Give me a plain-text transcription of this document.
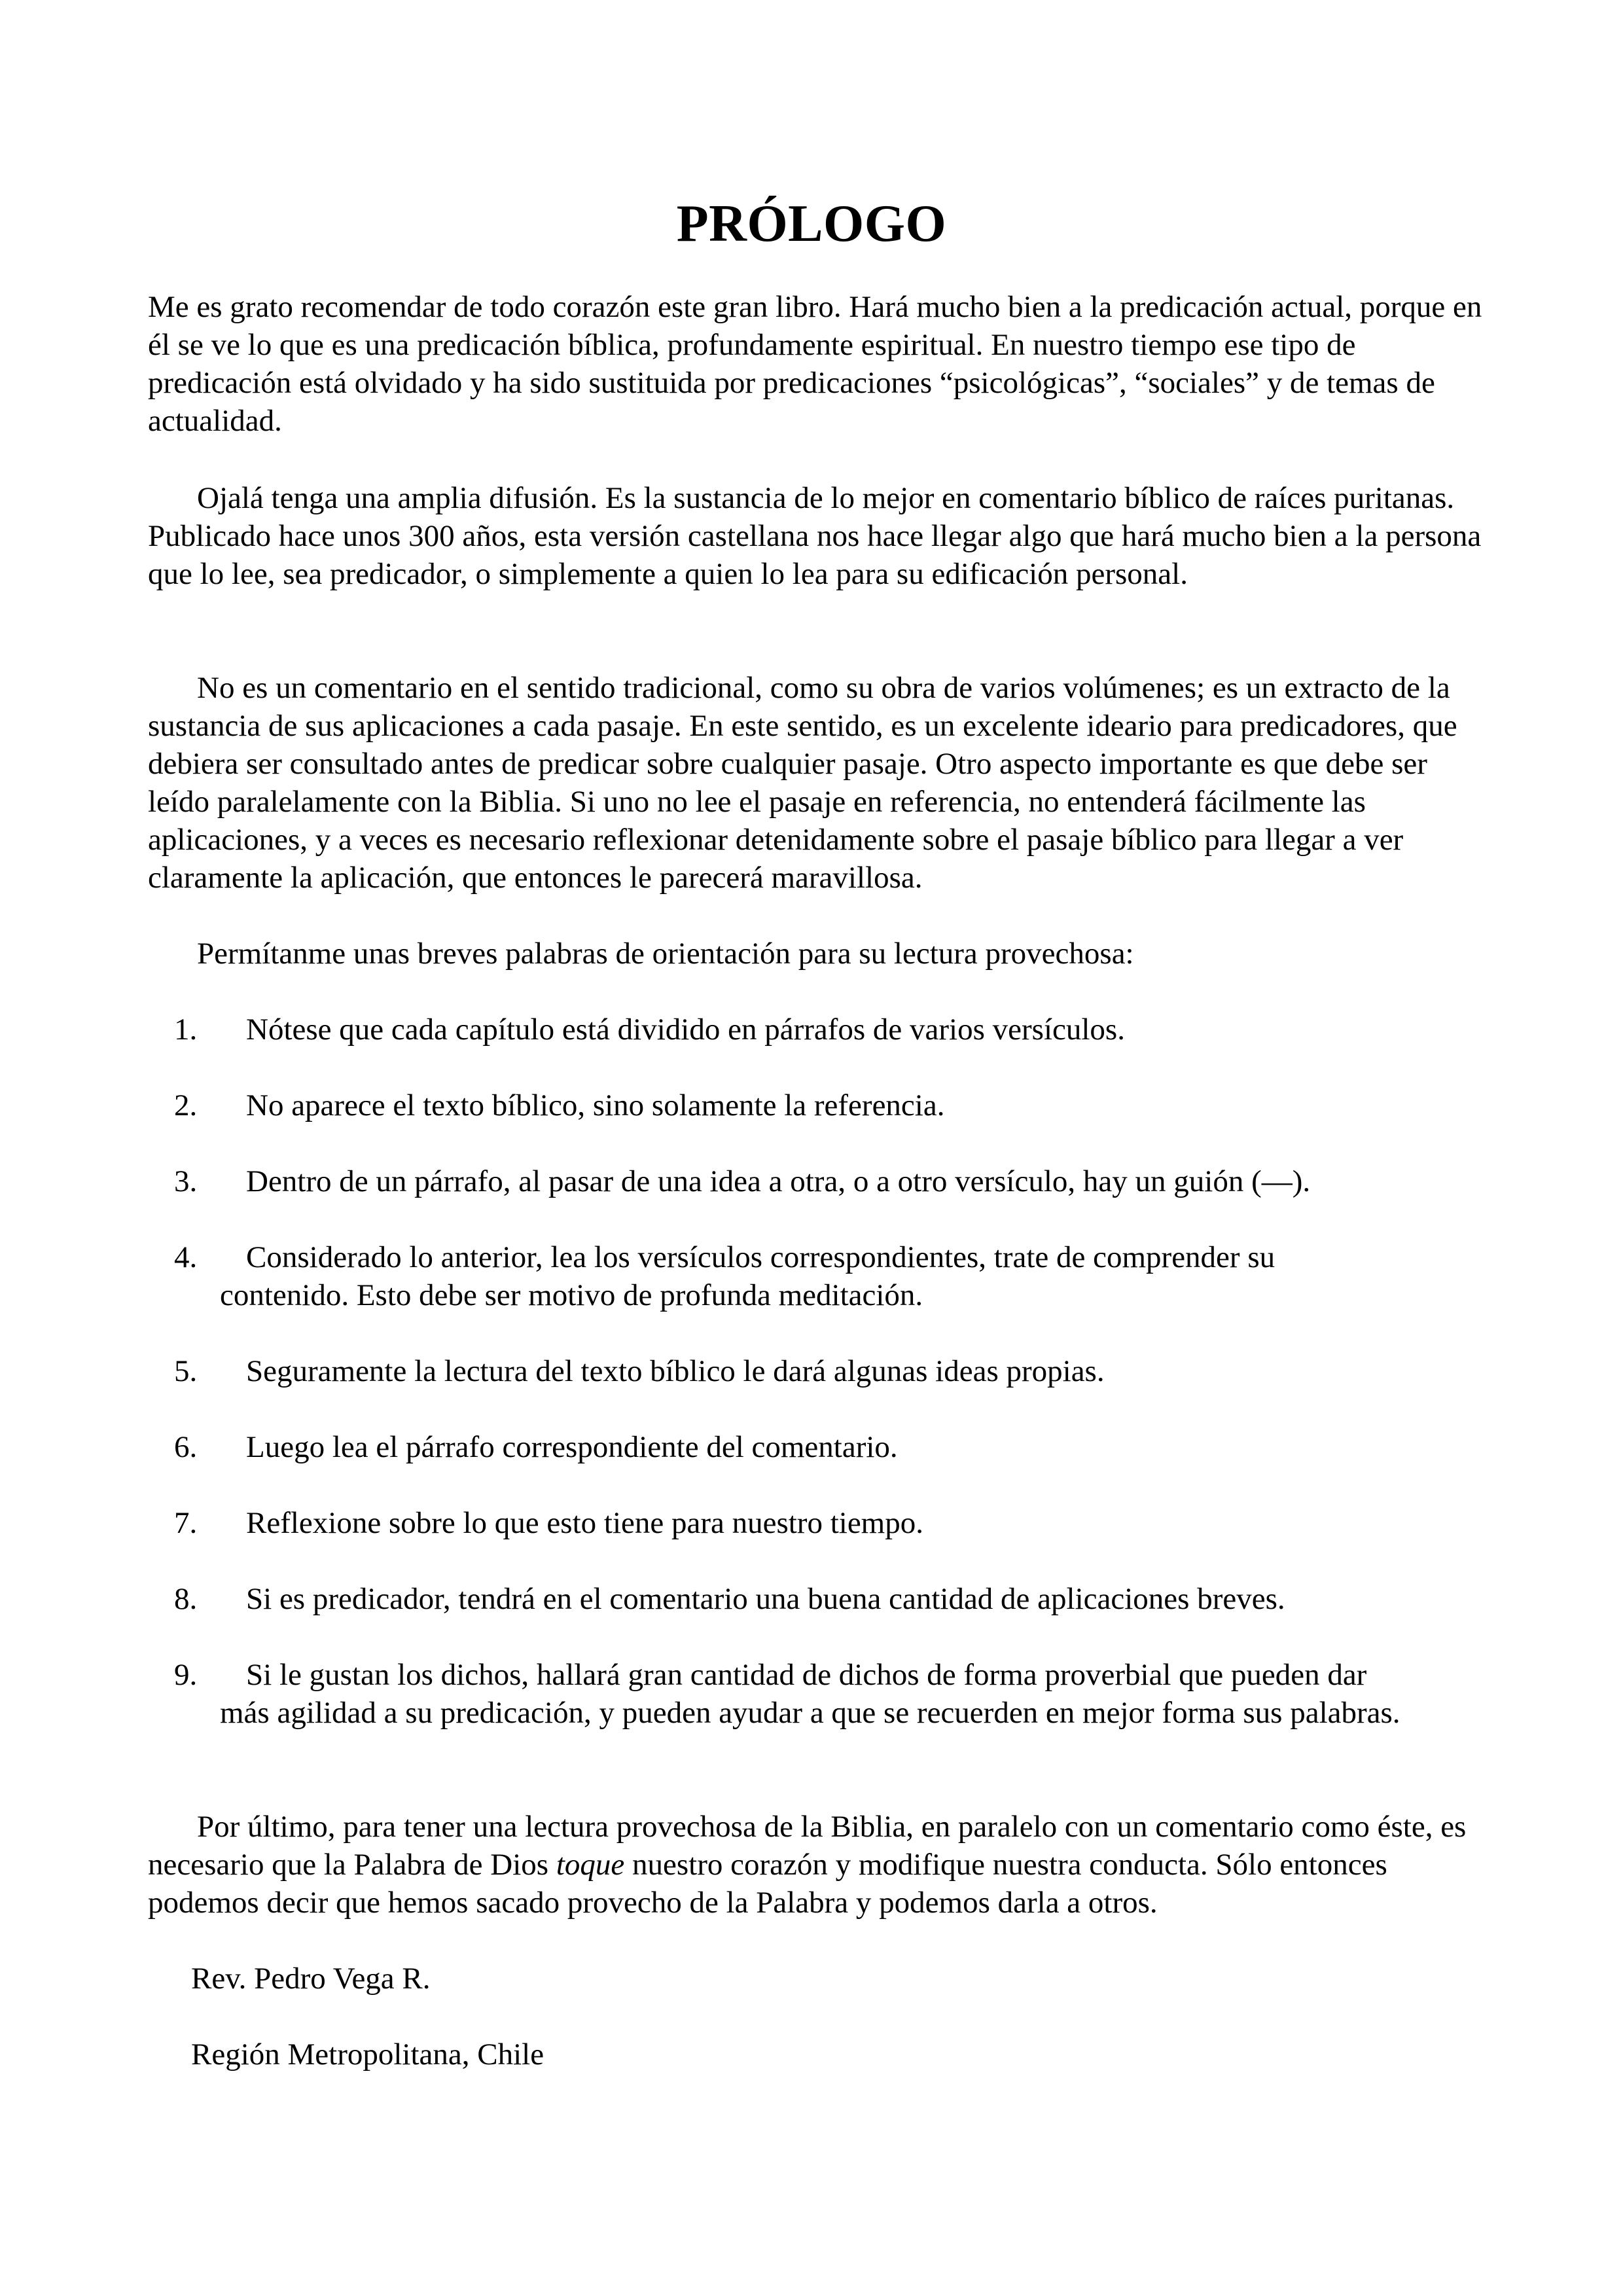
PRÓLOGO

Me es grato recomendar de todo corazón este gran libro. Hará mucho bien a la predicación actual, porque en él se ve lo que es una predicación bíblica, profundamente espiritual. En nuestro tiempo ese tipo de predicación está olvidado y ha sido sustituida por predicaciones “psicológicas”, “sociales” y de temas de actualidad.

Ojalá tenga una amplia difusión. Es la sustancia de lo mejor en comentario bíblico de raíces puritanas. Publicado hace unos 300 años, esta versión castellana nos hace llegar algo que hará mucho bien a la persona que lo lee, sea predicador, o simplemente a quien lo lea para su edificación personal.

No es un comentario en el sentido tradicional, como su obra de varios volúmenes; es un extracto de la sustancia de sus aplicaciones a cada pasaje. En este sentido, es un excelente ideario para predicadores, que debiera ser consultado antes de predicar sobre cualquier pasaje. Otro aspecto importante es que debe ser leído paralelamente con la Biblia. Si uno no lee el pasaje en referencia, no entenderá fácilmente las aplicaciones, y a veces es necesario reflexionar detenidamente sobre el pasaje bíblico para llegar a ver claramente la aplicación, que entonces le parecerá maravillosa.

Permítanme unas breves palabras de orientación para su lectura provechosa:

1. Nótese que cada capítulo está dividido en párrafos de varios versículos.

2. No aparece el texto bíblico, sino solamente la referencia.

3. Dentro de un párrafo, al pasar de una idea a otra, o a otro versículo, hay un guión (—).

4. Considerado lo anterior, lea los versículos correspondientes, trate de comprender su
contenido. Esto debe ser motivo de profunda meditación.

5. Seguramente la lectura del texto bíblico le dará algunas ideas propias.

6. Luego lea el párrafo correspondiente del comentario.

7. Reflexione sobre lo que esto tiene para nuestro tiempo.

8. Si es predicador, tendrá en el comentario una buena cantidad de aplicaciones breves.

9. Si le gustan los dichos, hallará gran cantidad de dichos de forma proverbial que pueden dar
más agilidad a su predicación, y pueden ayudar a que se recuerden en mejor forma sus palabras.

Por último, para tener una lectura provechosa de la Biblia, en paralelo con un comentario como éste, es necesario que la Palabra de Dios toque nuestro corazón y modifique nuestra conducta. Sólo entonces podemos decir que hemos sacado provecho de la Palabra y podemos darla a otros.

Rev. Pedro Vega R.

Región Metropolitana, Chile
